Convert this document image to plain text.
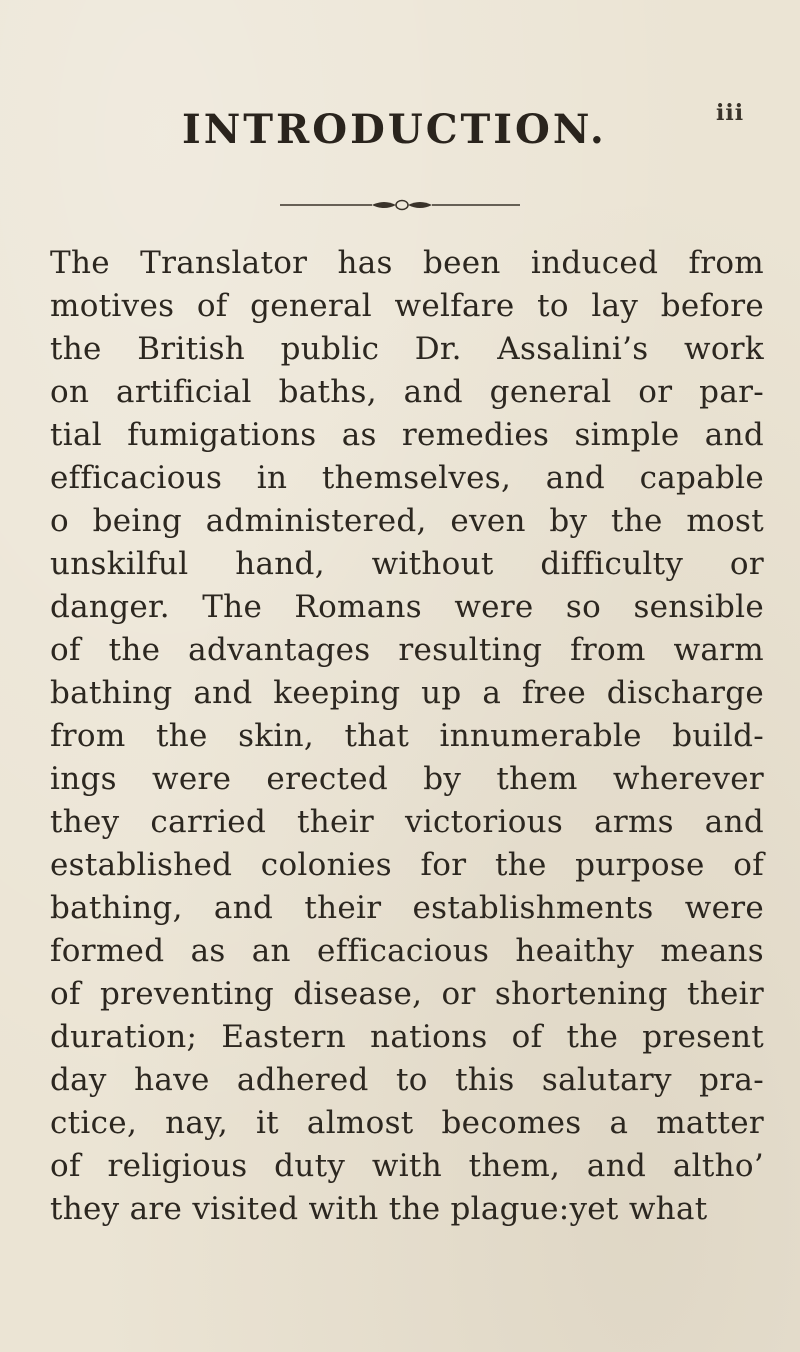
iii
INTRODUCTION.
The Translator has been induced from
motives of general welfare to lay before
the British public Dr. Assalini’s work
on artificial baths, and general or par-
tial fumigations as remedies simple and
efficacious in themselves, and capable
o being administered, even by the most
unskilful hand, without difficulty or
danger. The Romans were so sensible
of the advantages resulting from warm
bathing and keeping up a free discharge
from the skin, that innumerable build-
ings were erected by them wherever
they carried their victorious arms and
established colonies for the purpose of
bathing, and their establishments were
formed as an efficacious heaithy means
of preventing disease, or shortening their
duration; Eastern nations of the present
day have adhered to this salutary pra-
ctice, nay, it almost becomes a matter
of religious duty with them, and altho’
they are visited with the plague:yet what
